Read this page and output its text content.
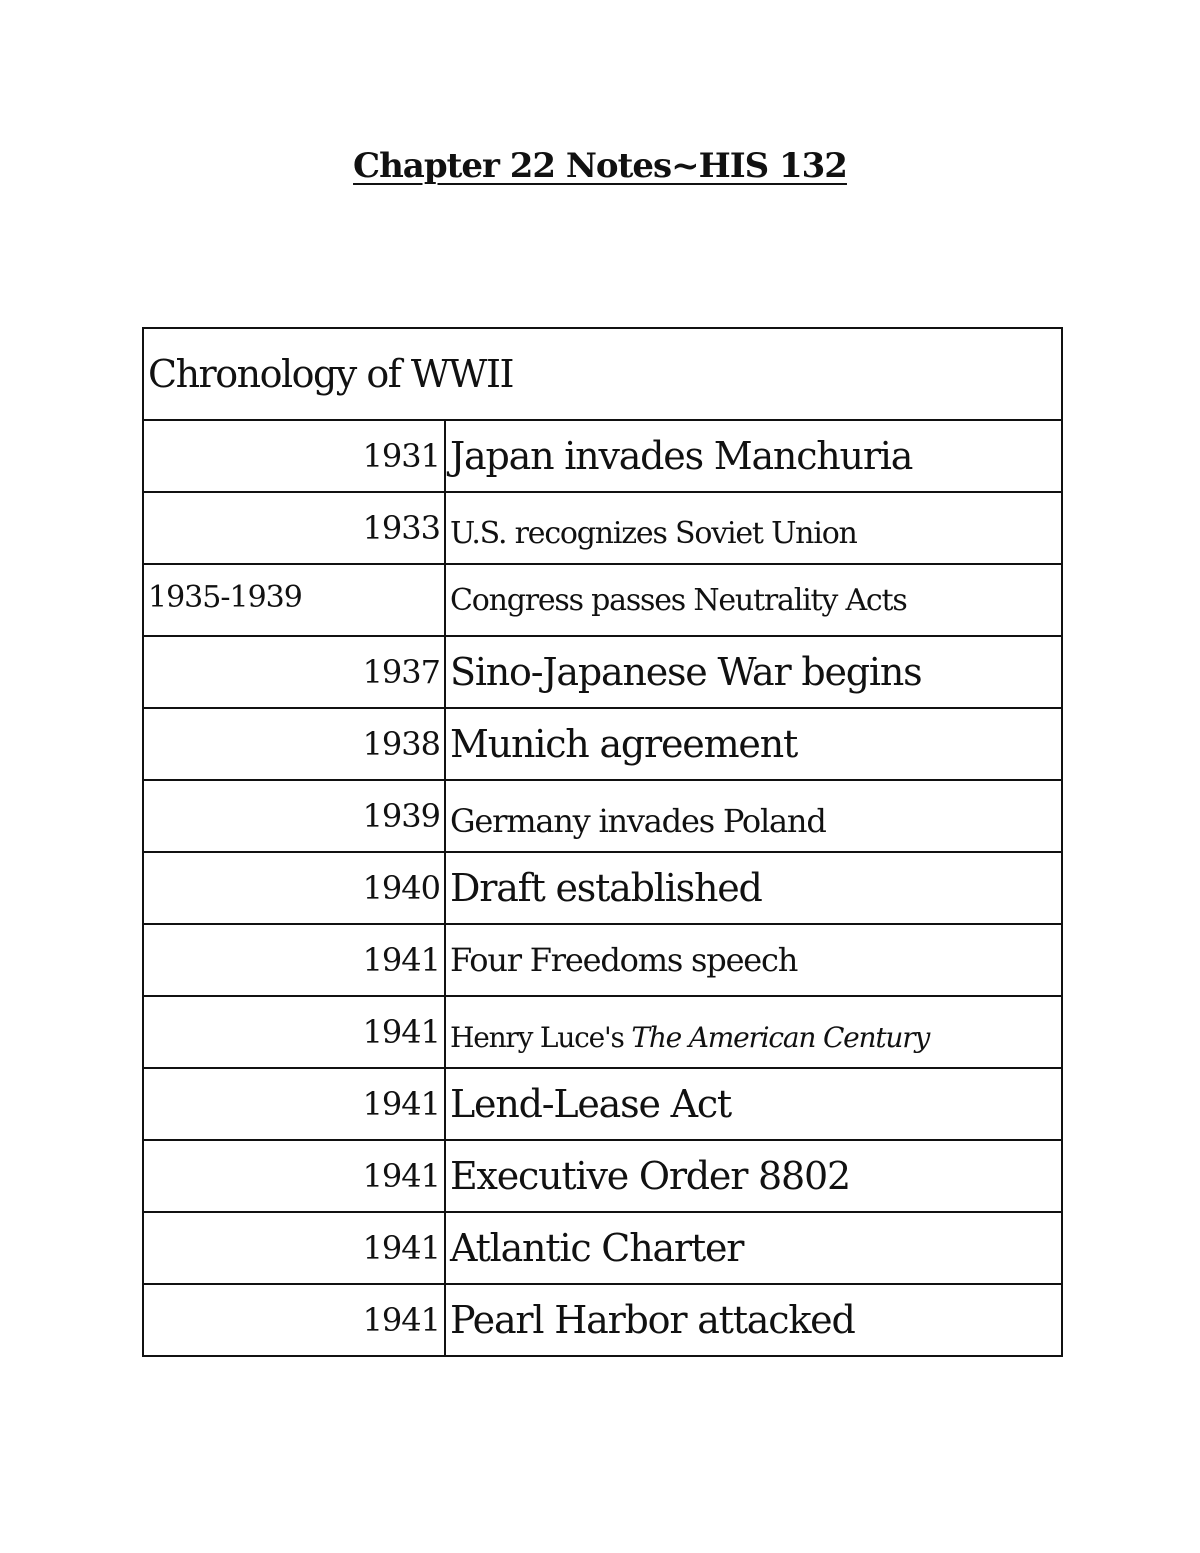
Chapter 22 Notes~HIS 132
Chronology of WWII	
1931	Japan invades Manchuria
1933	U.S. recognizes Soviet Union
1935-1939	Congress passes Neutrality Acts
1937	Sino-Japanese War begins
1938	Munich agreement
1939	Germany invades Poland
1940	Draft established
1941	Four Freedoms speech
1941	Henry Luce's The American Century
1941	Lend-Lease Act
1941	Executive Order 8802
1941	Atlantic Charter
1941	Pearl Harbor attacked
